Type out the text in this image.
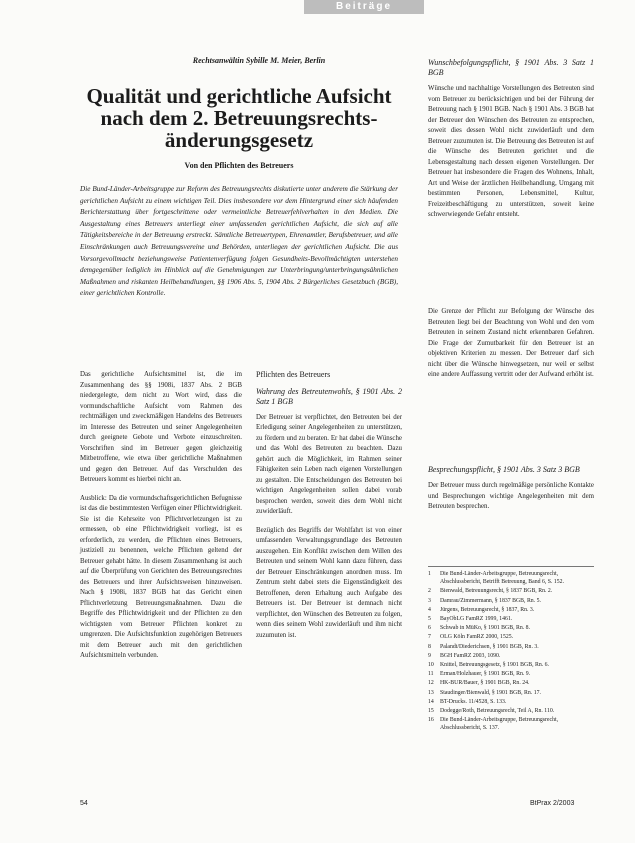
Beiträge
Rechtsanwältin Sybille M. Meier, Berlin
Qualität und gerichtliche Aufsicht nach dem 2. Betreuungsrechts-änderungsgesetz
Von den Pflichten des Betreuers

Die Bund-Länder-Arbeitsgruppe zur Reform des Betreuungsrechts diskutierte unter anderem die Stärkung der gerichtlichen Aufsicht zu einem wichtigen Teil. Dies insbesondere vor dem Hintergrund einer sich häufenden Berichterstattung über fortgeschrittene oder vermeintliche Betreuerfehlverhalten in den Medien. Die Ausgestaltung eines Betreuers unterliegt einer umfassenden gerichtlichen Aufsicht, die sich auf alle Tätigkeitsbereiche in der Betreuung erstreckt. Sämtliche Betreuertypen, Ehrenamtler, Berufsbetreuer, und alle Einschränkungen auch Betreuungsvereine und Behörden, unterliegen der gerichtlichen Aufsicht. Die aus Vorsorgevollmacht beziehungsweise Patientenverfügung folgen Gesundheits-Bevollmächtigten unterstehen demgegenüber lediglich im Hinblick auf die Genehmigungen zur Unterbringung/unterbringungsähnlichen Maßnahmen und riskanten Heilbehandlungen, §§ 1906 Abs. 5, 1904 Abs. 2 Bürgerliches Gesetzbuch (BGB), einer gerichtlichen Kontrolle.

Das gerichtliche Aufsichtsmittel ist, die im Zusammenhang des §§ 1908i, 1837 Abs. 2 BGB niedergelegte, dem nicht zu Wort wird, dass die vormundschaftliche Aufsicht vom Rahmen des rechtmäßigen und zweckmäßigen Handelns des Betreuers im Interesse des Betreuten und seiner Angelegenheiten durch geeignete Gebote und Verbote einzuschreiten. Vorschriften sind im Betreuer gegen gleichzeitig Mitbetroffene, wie etwa über gerichtliche Maßnahmen und gegen den Betreuer. Auf das Verschulden des Betreuers kommt es hierbei nicht an.

Ausblick: Da die vormundschaftsgerichtlichen Befugnisse ist das die bestimmtesten Verfügen einer Pflichtwidrigkeit. Sie ist die Kehrseite von Pflichtverletzungen ist zu ermessen, ob eine Pflichtwidrigkeit vorliegt, ist es erforderlich, zu werden, die Pflichten eines Betreuers, justiziell zu benennen, welche Pflichten geltend der Betreuer gehabt hätte. In diesem Zusammenhang ist auch auf die Überprüfung von Gerichten des Betreuungsrechtes des Betreuers und ihrer Aufsichtsweisen hinzuweisen. Nach § 1908i, 1837 BGB hat das Gericht einen Pflichtverletzung Betreuungsmaßnahmen. Dazu die Begriffe des Pflichtwidrigkeit und der Pflichten zu den wichtigsten vom Betreuer Pflichten konkret zu umgrenzen. Die Aufsichtsfunktion zugehörigen Betreuers mit dem Betreuer auch mit den gerichtlichen Aufsichtsmitteln verbunden.

Pflichten des Betreuers
Wahrung des Betreutenwohls, § 1901 Abs. 2 Satz 1 BGB

Der Betreuer ist verpflichtet, den Betreuten bei der Erledigung seiner Angelegenheiten zu unterstützen, zu fördern und zu beraten. Er hat dabei die Wünsche und das Wohl des Betreuten zu beachten. Dazu gehört auch die Möglichkeit, im Rahmen seiner Fähigkeiten sein Leben nach eigenen Vorstellungen zu gestalten. Die Entscheidungen des Betreuten bei wichtigen Angelegenheiten sollen dabei vorab besprochen werden, soweit dies dem Wohl nicht zuwiderläuft.

Bezüglich des Begriffs der Wohlfahrt ist von einer umfassenden Verwaltungsgrundlage des Betreuten auszugehen. Ein Konflikt zwischen dem Willen des Betreuten und seinem Wohl kann dazu führen, dass der Betreuer Einschränkungen anordnen muss. Im Zentrum steht dabei stets die Eigenständigkeit des Betroffenen, deren Erhaltung auch Aufgabe des Betreuers ist. Der Betreuer ist demnach nicht verpflichtet, den Wünschen des Betreuten zu folgen, wenn dies seinem Wohl zuwiderläuft und ihm nicht zuzumuten ist.

Wunschbefolgungspflicht, § 1901 Abs. 3 Satz 1 BGB

Wünsche und nachhaltige Vorstellungen des Betreuten sind vom Betreuer zu berücksichtigen und bei der Führung der Betreuung nach § 1901 BGB. Nach § 1901 Abs. 3 BGB hat der Betreuer den Wünschen des Betreuten zu entsprechen, soweit dies dessen Wohl nicht zuwiderläuft und dem Betreuer zuzumuten ist. Die Betreuung des Betreuten ist auf die Wünsche des Betreuten gerichtet und die Lebensgestaltung nach dessen eigenen Vorstellungen. Der Betreuer hat insbesondere die Fragen des Wohnens, Inhalt, Art und Weise der ärztlichen Heilbehandlung, Umgang mit bestimmten Personen, Lebensmittel, Kultur, Freizeitbeschäftigung zu unterstützen, soweit keine schwerwiegende Gefahr entsteht.

Die Grenze der Pflicht zur Befolgung der Wünsche des Betreuten liegt bei der Beachtung von Wohl und den vom Betreuten in seinem Zustand nicht erkennbaren Gefahren. Die Frage der Zumutbarkeit für den Betreuer ist an objektiven Kriterien zu messen. Der Betreuer darf sich nicht über die Wünsche hinwegsetzen, nur weil er selbst eine andere Auffassung vertritt oder der Aufwand erhöht ist.

Besprechungspflicht, § 1901 Abs. 3 Satz 3 BGB

Der Betreuer muss durch regelmäßige persönliche Kontakte und Besprechungen wichtige Angelegenheiten mit dem Betreuten besprechen.

1	Die Bund-Länder-Arbeitsgruppe, Betreuungsrecht, Abschlussbericht, Betrifft Betreuung, Band 6, S. 152.
2	Bienwald, Betreuungsrecht, § 1837 BGB, Rn. 2.
3	Damrau/Zimmermann, § 1837 BGB, Rn. 5.
4	Jürgens, Betreuungsrecht, § 1837, Rn. 3.
5	BayObLG FamRZ 1999, 1461.
6	Schwab in MüKo, § 1901 BGB, Rn. 8.
7	OLG Köln FamRZ 2000, 1525.
8	Palandt/Diederichsen, § 1901 BGB, Rn. 3.
9	BGH FamRZ 2003, 1090.
10	Knittel, Betreuungsgesetz, § 1901 BGB, Rn. 6.
11	Erman/Holzhauer, § 1901 BGB, Rn. 9.
12	HK-BUR/Bauer, § 1901 BGB, Rn. 24.
13	Staudinger/Bienwald, § 1901 BGB, Rn. 17.
14	BT-Drucks. 11/4528, S. 133.
15	Dodegge/Roth, Betreuungsrecht, Teil A, Rn. 110.
16	Die Bund-Länder-Arbeitsgruppe, Betreuungsrecht, Abschlussbericht, S. 137.
54	BtPrax 2/2003
